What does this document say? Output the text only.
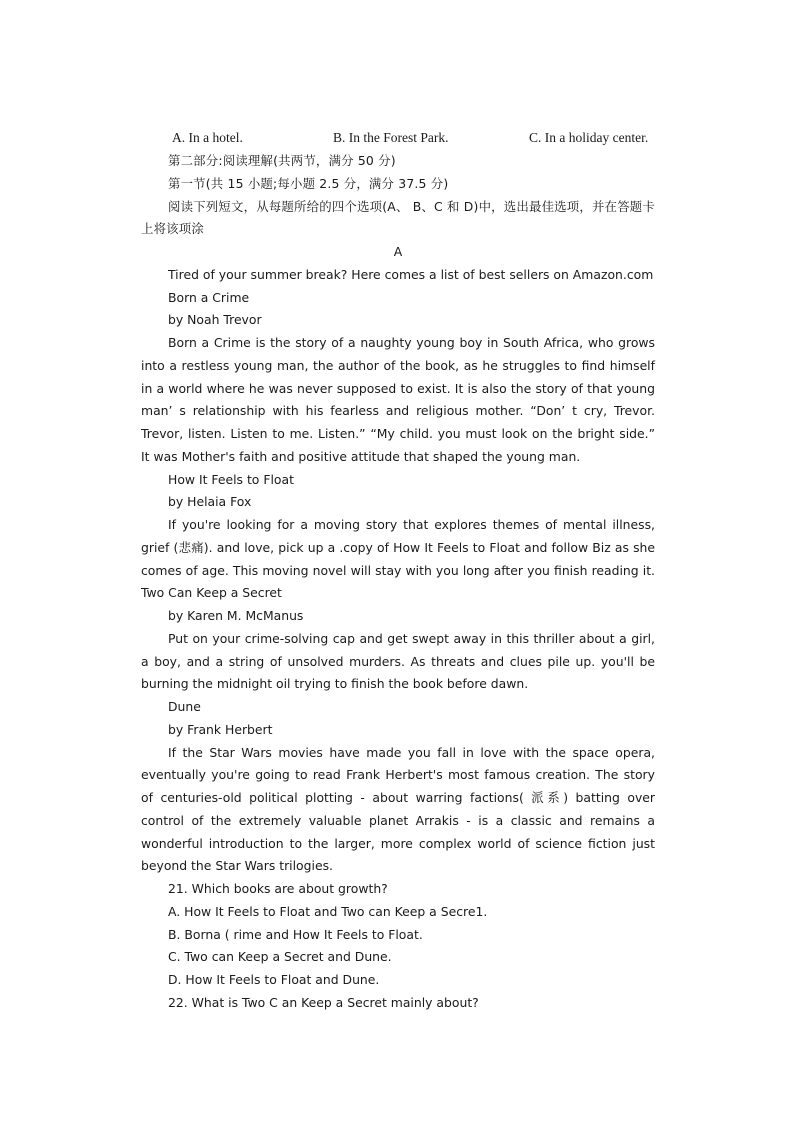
A. In a hotel.	B. In the Forest Park.	C. In a holiday center.

第二部分:阅读理解(共两节，满分 50 分)

第一节(共 15 小题;每小题 2.5 分，满分 37.5 分)

阅读下列短文，从每题所给的四个选项(A、 B、C 和 D)中，选出最佳选项，并在答题卡上将该项涂

A

Tired of your summer break? Here comes a list of best sellers on Amazon.com

Born a Crime

by Noah Trevor

Born a Crime is the story of a naughty young boy in South Africa, who grows into a restless young man, the author of the book, as he struggles to find himself in a world where he was never supposed to exist. It is also the story of that young man’ s relationship with his fearless and religious mother. “Don’ t cry, Trevor. Trevor, listen. Listen to me. Listen.” “My child. you must look on the bright side.” It was Mother's faith and positive attitude that shaped the young man.

How It Feels to Float

by Helaia Fox

If you're looking for a moving story that explores themes of mental illness, grief (悲痛). and love, pick up a .copy of How It Feels to Float and follow Biz as she comes of age. This moving novel will stay with you long after you finish reading it. Two Can Keep a Secret

by Karen M. McManus

Put on your crime-solving cap and get swept away in this thriller about a girl, a boy, and a string of unsolved murders. As threats and clues pile up. you'll be burning the midnight oil trying to finish the book before dawn.

Dune

by Frank Herbert

If the Star Wars movies have made you fall in love with the space opera, eventually you're going to read Frank Herbert's most famous creation. The story of centuries-old political plotting - about warring factions( 派系) batting over control of the extremely valuable planet Arrakis - is a classic and remains a wonderful introduction to the larger, more complex world of science fiction just beyond the Star Wars trilogies.

21. Which books are about growth?

A. How It Feels to Float and Two can Keep a Secre1.

B. Borna ( rime and How It Feels to Float.

C. Two can Keep a Secret and Dune.

D. How It Feels to Float and Dune.

22. What is Two C an Keep a Secret mainly about?
